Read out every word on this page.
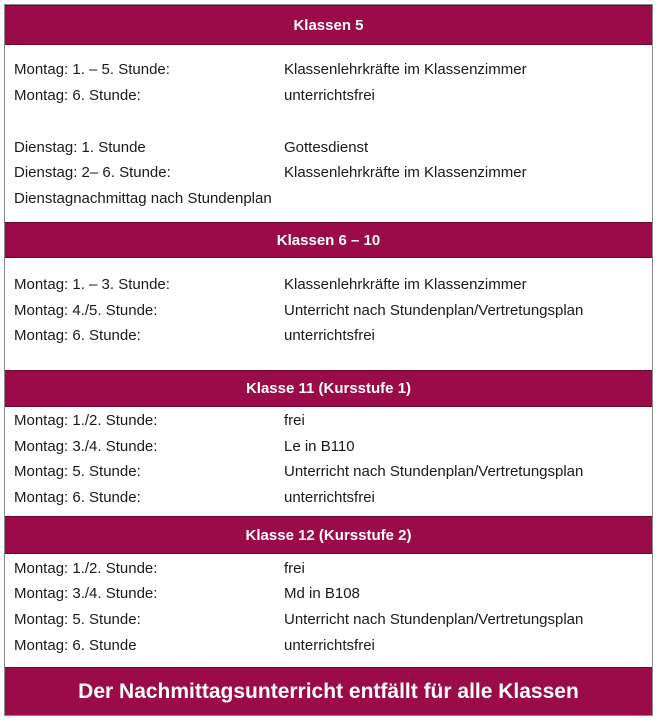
Klassen 5
Montag: 1. – 5. Stunde:	Klassenlehrkräfte im Klassenzimmer
Montag: 6. Stunde:	unterrichtsfrei
Dienstag: 1. Stunde	Gottesdienst
Dienstag: 2– 6. Stunde:	Klassenlehrkräfte im Klassenzimmer
Dienstagnachmittag nach Stundenplan
Klassen 6 – 10
Montag: 1. – 3. Stunde:	Klassenlehrkräfte im Klassenzimmer
Montag: 4./5. Stunde:	Unterricht nach Stundenplan/Vertretungsplan
Montag: 6. Stunde:	unterrichtsfrei
Klasse 11 (Kursstufe 1)
Montag: 1./2. Stunde:	frei
Montag: 3./4. Stunde:	Le in B110
Montag: 5. Stunde:	Unterricht nach Stundenplan/Vertretungsplan
Montag: 6. Stunde:	unterrichtsfrei
Klasse 12 (Kursstufe 2)
Montag: 1./2. Stunde:	frei
Montag: 3./4. Stunde:	Md in B108
Montag: 5. Stunde:	Unterricht nach Stundenplan/Vertretungsplan
Montag: 6. Stunde	unterrichtsfrei
Der Nachmittagsunterricht entfällt für alle Klassen
